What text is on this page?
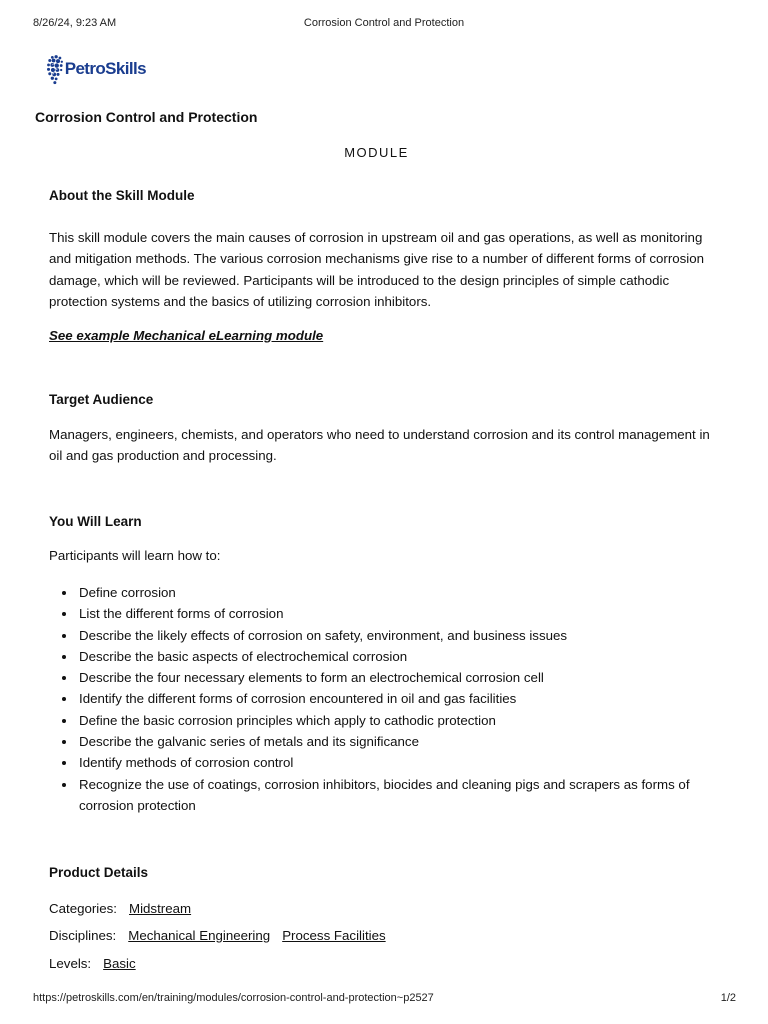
8/26/24, 9:23 AM	Corrosion Control and Protection
PetroSkills
Corrosion Control and Protection
MODULE
About the Skill Module
This skill module covers the main causes of corrosion in upstream oil and gas operations, as well as monitoring and mitigation methods. The various corrosion mechanisms give rise to a number of different forms of corrosion damage, which will be reviewed. Participants will be introduced to the design principles of simple cathodic protection systems and the basics of utilizing corrosion inhibitors.
See example Mechanical eLearning module
Target Audience
Managers, engineers, chemists, and operators who need to understand corrosion and its control management in oil and gas production and processing.
You Will Learn
Participants will learn how to:
Define corrosion
List the different forms of corrosion
Describe the likely effects of corrosion on safety, environment, and business issues
Describe the basic aspects of electrochemical corrosion
Describe the four necessary elements to form an electrochemical corrosion cell
Identify the different forms of corrosion encountered in oil and gas facilities
Define the basic corrosion principles which apply to cathodic protection
Describe the galvanic series of metals and its significance
Identify methods of corrosion control
Recognize the use of coatings, corrosion inhibitors, biocides and cleaning pigs and scrapers as forms of corrosion protection
Product Details
Categories: Midstream
Disciplines: Mechanical Engineering Process Facilities
Levels: Basic
https://petroskills.com/en/training/modules/corrosion-control-and-protection~p2527	1/2
